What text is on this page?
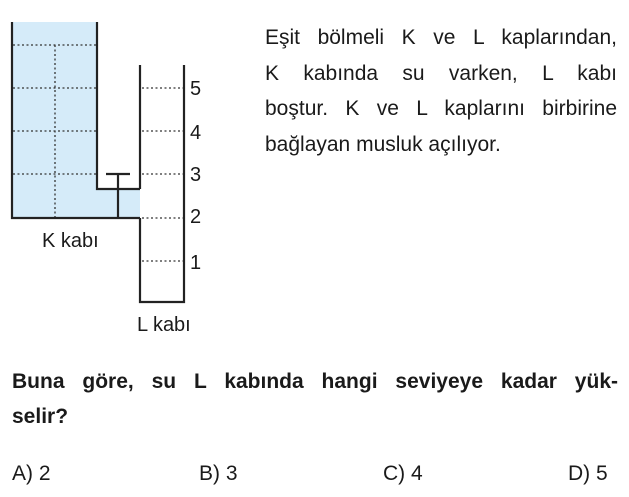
1
2
3
4
5
K kabı
L kabı
Eşit bölmeli K ve L kaplarından,
K kabında su varken, L kabı
boştur. K ve L kaplarını birbirine
bağlayan musluk açılıyor.
Buna göre, su L kabında hangi seviyeye kadar yük-
selir?
A) 2	B) 3	C) 4	D) 5
